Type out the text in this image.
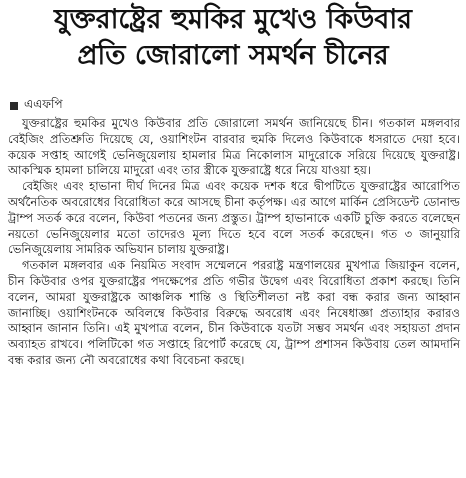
যুক্তরাষ্ট্রের হুমকির মুখেও কিউবার
প্রতি জোরালো সমর্থন চীনের
এএফপি

যুক্তরাষ্ট্রের হুমকির মুখেও কিউবার প্রতি জোরালো সমর্থন জানিয়েছে চীন। গতকাল মঙ্গলবার বেইজিং প্রতিশ্রুতি দিয়েছে যে, ওয়াশিংটন বারবার হুমকি দিলেও কিউবাকে ধসরাতে দেয়া হবে। কয়েক সপ্তাহ আগেই ভেনিজুয়েলায় হামলার মিত্র নিকোলাস মাদুরোকে সরিয়ে দিয়েছে যুক্তরাষ্ট্র। আকস্মিক হামলা চালিয়ে মাদুরো এবং তার স্ত্রীকে যুক্তরাষ্ট্রে ধরে নিয়ে যাওয়া হয়।

বেইজিং এবং হাভানা দীর্ঘ দিনের মিত্র এবং কয়েক দশক ধরে দ্বীপটিতে যুক্তরাষ্ট্রের আরোপিত অর্থনৈতিক অবরোধের বিরোধিতা করে আসছে চীনা কর্তৃপক্ষ। এর আগে মার্কিন প্রেসিডেন্ট ডোনাল্ড ট্রাম্প সতর্ক করে বলেন, কিউবা পতনের জন্য প্রস্তুত। ট্রাম্প হাভানাকে একটি চুক্তি করতে বলেছেন নয়তো ভেনিজুয়েলার মতো তাদেরও মূল্য দিতে হবে বলে সতর্ক করেছেন। গত ৩ জানুয়ারি ভেনিজুয়েলায় সামরিক অভিযান চালায় যুক্তরাষ্ট্র।

গতকাল মঙ্গলবার এক নিয়মিত সংবাদ সম্মেলনে পররাষ্ট্র মন্ত্রণালয়ের মুখপাত্র জিয়াকুন বলেন, চীন কিউবার ওপর যুক্তরাষ্ট্রের পদক্ষেপের প্রতি গভীর উদ্বেগ এবং বিরোধিতা প্রকাশ করছে। তিনি বলেন, আমরা যুক্তরাষ্ট্রকে আঞ্চলিক শান্তি ও স্থিতিশীলতা নষ্ট করা বন্ধ করার জন্য আহ্বান জানাচ্ছি। ওয়াশিংটনকে অবিলম্বে কিউবার বিরুদ্ধে অবরোধ এবং নিষেধাজ্ঞা প্রত্যাহার করারও আহ্বান জানান তিনি। এই মুখপাত্র বলেন, চীন কিউবাকে যতটা সম্ভব সমর্থন এবং সহায়তা প্রদান অব্যাহত রাখবে। পলিটিকো গত সপ্তাহে রিপোর্ট করেছে যে, ট্রাম্প প্রশাসন কিউবায় তেল আমদানি বন্ধ করার জন্য নৌ অবরোধের কথা বিবেচনা করছে।
